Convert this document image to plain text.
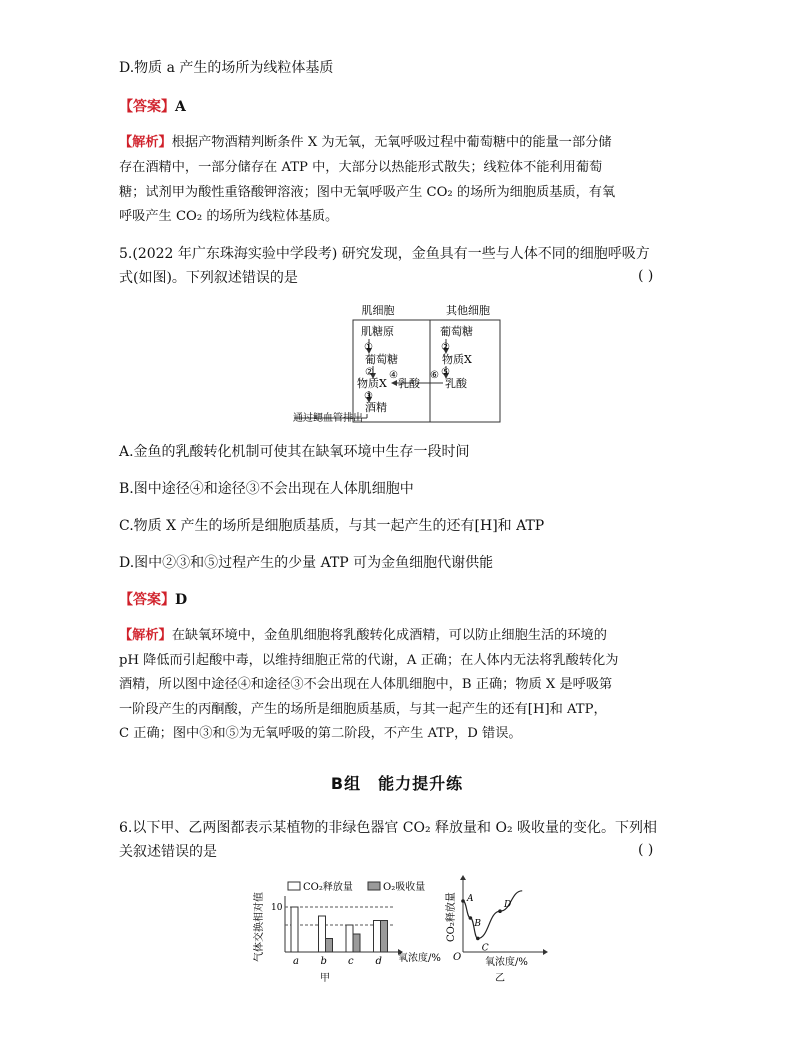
D.物质 a 产生的场所为线粒体基质
【答案】A
【解析】根据产物酒精判断条件 X 为无氧，无氧呼吸过程中葡萄糖中的能量一部分储
存在酒精中，一部分储存在 ATP 中，大部分以热能形式散失；线粒体不能利用葡萄
糖；试剂甲为酸性重铬酸钾溶液；图中无氧呼吸产生 CO₂ 的场所为细胞质基质，有氧
呼吸产生 CO₂ 的场所为线粒体基质。
5.(2022 年广东珠海实验中学段考) 研究发现，金鱼具有一些与人体不同的细胞呼吸方
式(如图)。下列叙述错误的是	( )
肌细胞	其他细胞
肌糖原
①
葡萄糖
②
物质X
④
乳酸
③
酒精
通过鳃血管排出
葡萄糖
②
物质X
⑤
乳酸
⑥
A.金鱼的乳酸转化机制可使其在缺氧环境中生存一段时间
B.图中途径④和途径③不会出现在人体肌细胞中
C.物质 X 产生的场所是细胞质基质，与其一起产生的还有[H]和 ATP
D.图中②③和⑤过程产生的少量 ATP 可为金鱼细胞代谢供能
【答案】D
【解析】在缺氧环境中，金鱼肌细胞将乳酸转化成酒精，可以防止细胞生活的环境的
pH 降低而引起酸中毒，以维持细胞正常的代谢，A 正确；在人体内无法将乳酸转化为
酒精，所以图中途径④和途径③不会出现在人体肌细胞中，B 正确；物质 X 是呼吸第
一阶段产生的丙酮酸，产生的场所是细胞质基质，与其一起产生的还有[H]和 ATP，
C 正确；图中③和⑤为无氧呼吸的第二阶段，不产生 ATP，D 错误。
B组　能力提升练
6.以下甲、乙两图都表示某植物的非绿色器官 CO₂ 释放量和 O₂ 吸收量的变化。下列相
关叙述错误的是	( )
气体交换相对值
CO₂释放量	O₂吸收量
10
a b c d 氧浓度/%
甲
CO₂释放量 A
B
C
D
O 氧浓度/%
乙
